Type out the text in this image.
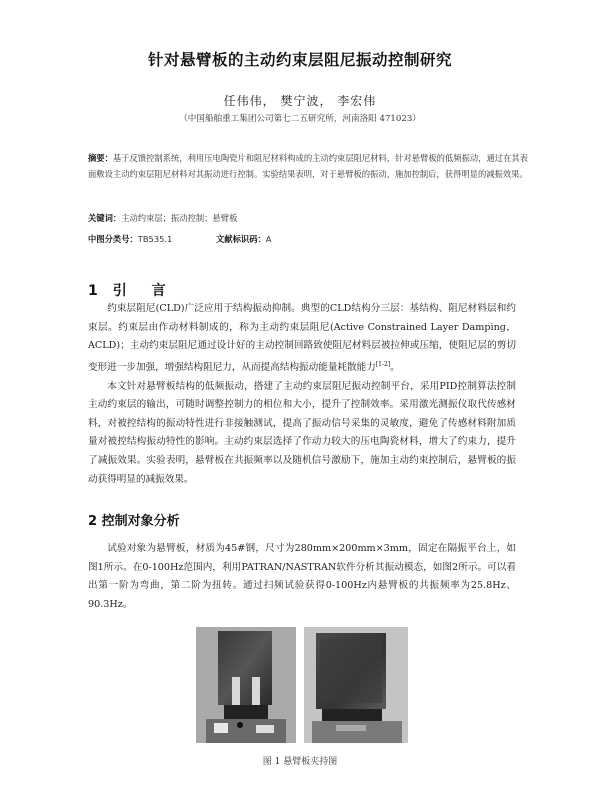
针对悬臂板的主动约束层阻尼振动控制研究
任伟伟， 樊宁波， 李宏伟
（中国船舶重工集团公司第七二五研究所，河南洛阳 471023）
摘要：基于反馈控制系统，利用压电陶瓷片和阻尼材料构成的主动约束层阻尼材料，针对悬臂板的低频振动，通过在其表面敷设主动约束层阻尼材料对其振动进行控制。实验结果表明，对于悬臂板的振动，施加控制后，获得明显的减振效果。
关键词：主动约束层；振动控制；悬臂板
中图分类号：TB535.1	文献标识码：A
1 引 言

约束层阻尼(CLD)广泛应用于结构振动抑制。典型的CLD结构分三层：基结构、阻尼材料层和约束层。约束层由作动材料制成的，称为主动约束层阻尼(Active Constrained Layer Damping，ACLD)；主动约束层阻尼通过设计好的主动控制回路致使阻尼材料层被拉伸或压缩，使阻尼层的剪切变形进一步加强，增强结构阻尼力，从而提高结构振动能量耗散能力[1-2]。

本文针对悬臂板结构的低频振动，搭建了主动约束层阻尼振动控制平台，采用PID控制算法控制主动约束层的输出，可随时调整控制力的相位和大小，提升了控制效率。采用激光测振仪取代传感材料，对被控结构的振动特性进行非接触测试，提高了振动信号采集的灵敏度，避免了传感材料附加质量对被控结构振动特性的影响。主动约束层选择了作动力较大的压电陶瓷材料，增大了约束力，提升了减振效果。实验表明，悬臂板在共振频率以及随机信号激励下，施加主动约束控制后，悬臂板的振动获得明显的减振效果。

2 控制对象分析

试验对象为悬臂板，材质为45#钢，尺寸为280mm×200mm×3mm，固定在隔振平台上，如图1所示。在0-100Hz范围内，利用PATRAN/NASTRAN软件分析其振动模态，如图2所示。可以看出第一阶为弯曲，第二阶为扭转。通过扫频试验获得0-100Hz内悬臂板的共振频率为25.8Hz、90.3Hz。

图 1 悬臂板夹持图
